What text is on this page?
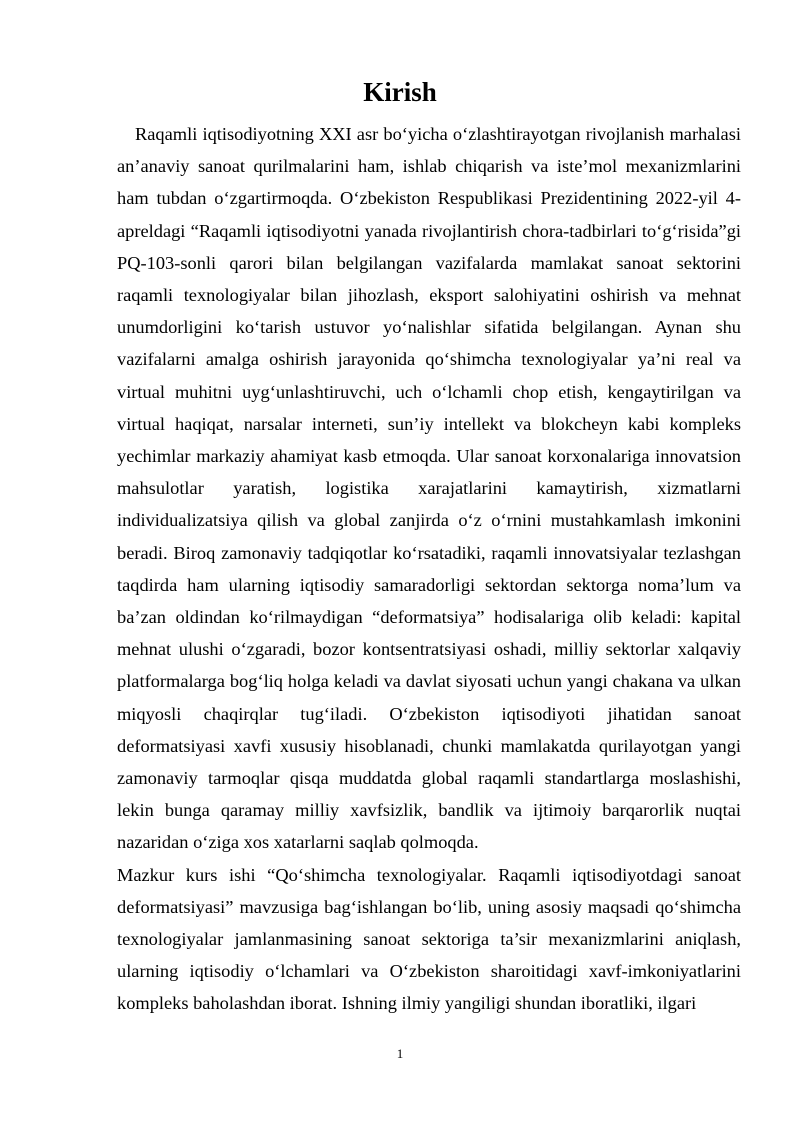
Kirish

Raqamli iqtisodiyotning XXI asr bo‘yicha o‘zlashtirayotgan rivojlanish marhalasi an’anaviy sanoat qurilmalarini ham, ishlab chiqarish va iste’mol mexanizmlarini ham tubdan o‘zgartirmoqda. O‘zbekiston Respublikasi Prezidentining 2022-yil 4-apreldagi “Raqamli iqtisodiyotni yanada rivojlantirish chora-tadbirlari to‘g‘risida”gi PQ-103-sonli qarori bilan belgilangan vazifalarda mamlakat sanoat sektorini raqamli texnologiyalar bilan jihozlash, eksport salohiyatini oshirish va mehnat unumdorligini ko‘tarish ustuvor yo‘nalishlar sifatida belgilangan. Aynan shu vazifalarni amalga oshirish jarayonida qo‘shimcha texnologiyalar ya’ni real va virtual muhitni uyg‘unlashtiruvchi, uch o‘lchamli chop etish, kengaytirilgan va virtual haqiqat, narsalar interneti, sun’iy intellekt va blokcheyn kabi kompleks yechimlar markaziy ahamiyat kasb etmoqda. Ular sanoat korxonalariga innovatsion mahsulotlar yaratish, logistika xarajatlarini kamaytirish, xizmatlarni individualizatsiya qilish va global zanjirda o‘z o‘rnini mustahkamlash imkonini beradi. Biroq zamonaviy tadqiqotlar ko‘rsatadiki, raqamli innovatsiyalar tezlashgan taqdirda ham ularning iqtisodiy samaradorligi sektordan sektorga noma’lum va ba’zan oldindan ko‘rilmaydigan “deformatsiya” hodisalariga olib keladi: kapital mehnat ulushi o‘zgaradi, bozor kontsentratsiyasi oshadi, milliy sektorlar xalqaviy platformalarga bog‘liq holga keladi va davlat siyosati uchun yangi chakana va ulkan miqyosli chaqirqlar tug‘iladi. O‘zbekiston iqtisodiyoti jihatidan sanoat deformatsiyasi xavfi xususiy hisoblanadi, chunki mamlakatda qurilayotgan yangi zamonaviy tarmoqlar qisqa muddatda global raqamli standartlarga moslashishi, lekin bunga qaramay milliy xavfsizlik, bandlik va ijtimoiy barqarorlik nuqtai nazaridan o‘ziga xos xatarlarni saqlab qolmoqda.

Mazkur kurs ishi “Qo‘shimcha texnologiyalar. Raqamli iqtisodiyotdagi sanoat deformatsiyasi” mavzusiga bag‘ishlangan bo‘lib, uning asosiy maqsadi qo‘shimcha texnologiyalar jamlanmasining sanoat sektoriga ta’sir mexanizmlarini aniqlash, ularning iqtisodiy o‘lchamlari va O‘zbekiston sharoitidagi xavf-imkoniyatlarini kompleks baholashdan iborat. Ishning ilmiy yangiligi shundan iboratliki, ilgari

1
